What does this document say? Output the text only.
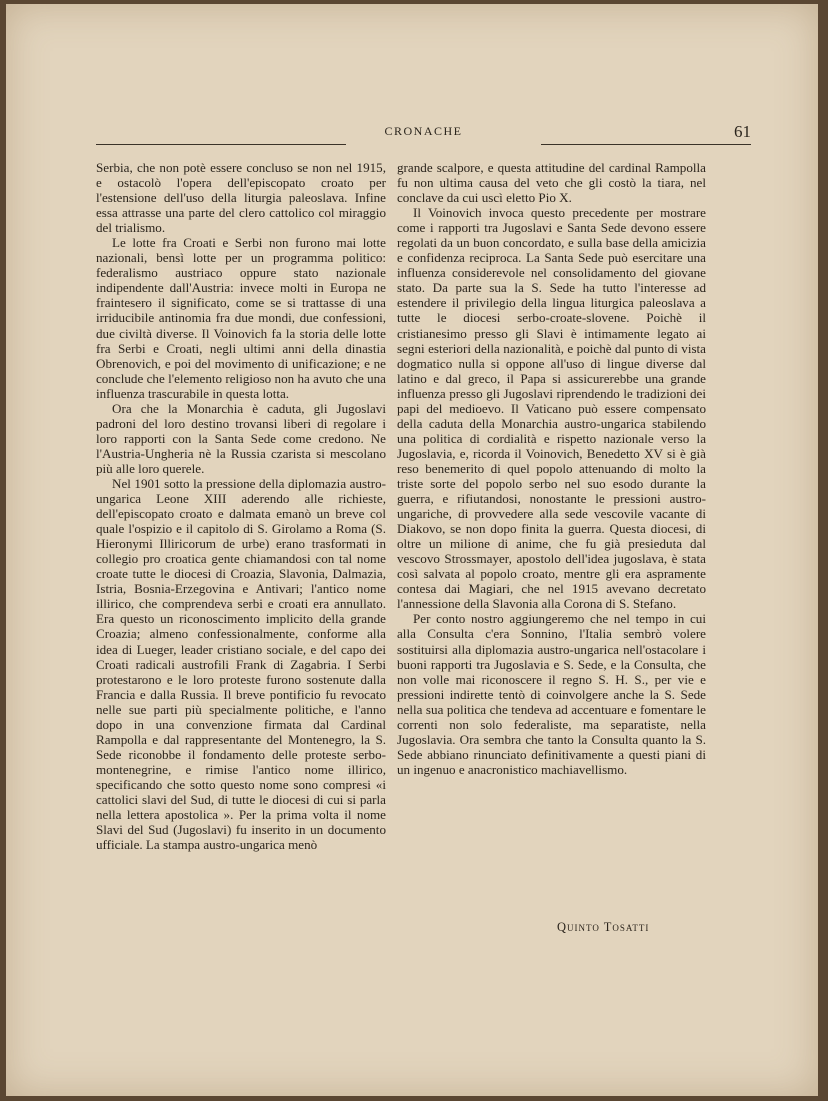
CRONACHE	61

Serbia, che non potè essere concluso se non nel 1915, e ostacolò l'opera dell'episcopato croato per l'estensione dell'uso della liturgia paleoslava. Infine essa attrasse una parte del clero cattolico col miraggio del trialismo.

Le lotte fra Croati e Serbi non furono mai lotte nazionali, bensì lotte per un programma politico: federalismo austriaco oppure stato nazionale indipendente dall'Austria: invece molti in Europa ne fraintesero il significato, come se si trattasse di una irriducibile antinomia fra due mondi, due confessioni, due civiltà diverse. Il Voinovich fa la storia delle lotte fra Serbi e Croati, negli ultimi anni della dinastia Obrenovich, e poi del movimento di unificazione; e ne conclude che l'elemento religioso non ha avuto che una influenza trascurabile in questa lotta.

Ora che la Monarchia è caduta, gli Jugoslavi padroni del loro destino trovansi liberi di regolare i loro rapporti con la Santa Sede come credono. Ne l'Austria-Ungheria nè la Russia czarista si mescolano più alle loro querele.

Nel 1901 sotto la pressione della diplomazia austro-ungarica Leone XIII aderendo alle richieste, dell'episcopato croato e dalmata emanò un breve col quale l'ospizio e il capitolo di S. Girolamo a Roma (S. Hieronymi Illiricorum de urbe) erano trasformati in collegio pro croatica gente chiamandosi con tal nome croate tutte le diocesi di Croazia, Slavonia, Dalmazia, Istria, Bosnia-Erzegovina e Antivari; l'antico nome illirico, che comprendeva serbi e croati era annullato. Era questo un riconoscimento implicito della grande Croazia; almeno confessionalmente, conforme alla idea di Lueger, leader cristiano sociale, e del capo dei Croati radicali austrofili Frank di Zagabria. I Serbi protestarono e le loro proteste furono sostenute dalla Francia e dalla Russia. Il breve pontificio fu revocato nelle sue parti più specialmente politiche, e l'anno dopo in una convenzione firmata dal Cardinal Rampolla e dal rappresentante del Montenegro, la S. Sede riconobbe il fondamento delle proteste serbo-montenegrine, e rimise l'antico nome illirico, specificando che sotto questo nome sono compresi «i cattolici slavi del Sud, di tutte le diocesi di cui si parla nella lettera apostolica ». Per la prima volta il nome Slavi del Sud (Jugoslavi) fu inserito in un documento ufficiale. La stampa austro-ungarica menò

grande scalpore, e questa attitudine del cardinal Rampolla fu non ultima causa del veto che gli costò la tiara, nel conclave da cui uscì eletto Pio X.

Il Voinovich invoca questo precedente per mostrare come i rapporti tra Jugoslavi e Santa Sede devono essere regolati da un buon concordato, e sulla base della amicizia e confidenza reciproca. La Santa Sede può esercitare una influenza considerevole nel consolidamento del giovane stato. Da parte sua la S. Sede ha tutto l'interesse ad estendere il privilegio della lingua liturgica paleoslava a tutte le diocesi serbo-croate-slovene. Poichè il cristianesimo presso gli Slavi è intimamente legato ai segni esteriori della nazionalità, e poichè dal punto di vista dogmatico nulla si oppone all'uso di lingue diverse dal latino e dal greco, il Papa si assicurerebbe una grande influenza presso gli Jugoslavi riprendendo le tradizioni dei papi del medioevo. Il Vaticano può essere compensato della caduta della Monarchia austro-ungarica stabilendo una politica di cordialità e rispetto nazionale verso la Jugoslavia, e, ricorda il Voinovich, Benedetto XV si è già reso benemerito di quel popolo attenuando di molto la triste sorte del popolo serbo nel suo esodo durante la guerra, e rifiutandosi, nonostante le pressioni austro-ungariche, di provvedere alla sede vescovile vacante di Diakovo, se non dopo finita la guerra. Questa diocesi, di oltre un milione di anime, che fu già presieduta dal vescovo Strossmayer, apostolo dell'idea jugoslava, è stata così salvata al popolo croato, mentre gli era aspramente contesa dai Magiari, che nel 1915 avevano decretato l'annessione della Slavonia alla Corona di S. Stefano.

Per conto nostro aggiungeremo che nel tempo in cui alla Consulta c'era Sonnino, l'Italia sembrò volere sostituirsi alla diplomazia austro-ungarica nell'ostacolare i buoni rapporti tra Jugoslavia e S. Sede, e la Consulta, che non volle mai riconoscere il regno S. H. S., per vie e pressioni indirette tentò di coinvolgere anche la S. Sede nella sua politica che tendeva ad accentuare e fomentare le correnti non solo federaliste, ma separatiste, nella Jugoslavia. Ora sembra che tanto la Consulta quanto la S. Sede abbiano rinunciato definitivamente a questi piani di un ingenuo e anacronistico machiavellismo.

Quinto Tosatti
